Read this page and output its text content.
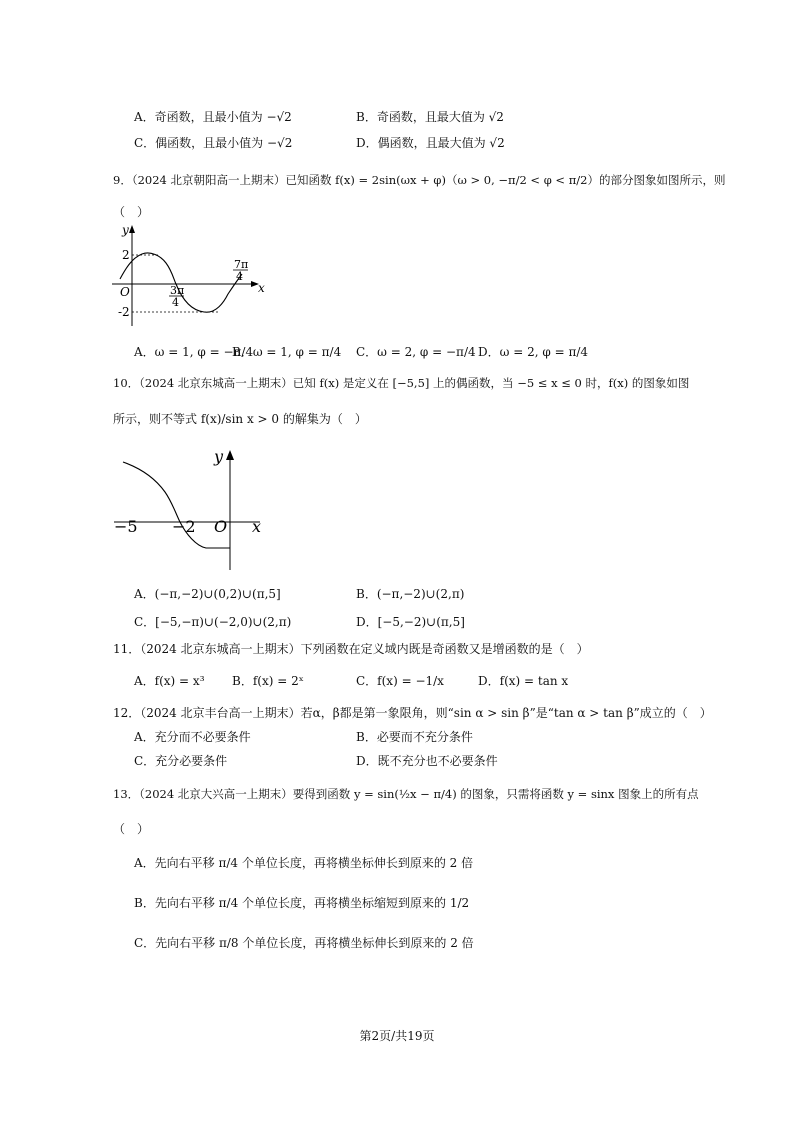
A．奇函数，且最小值为 −√2	B．奇函数，且最大值为 √2
C．偶函数，且最小值为 −√2	D．偶函数，且最大值为 √2
9．（2024 北京朝阳高一上期末）已知函数 f(x) = 2sin(ωx + φ)（ω > 0, −π/2 < φ < π/2）的部分图象如图所示，则
（　）
y
x
O
2
-2
3π
4
7π
4
A．ω = 1, φ = −π/4
B．ω = 1, φ = π/4 C．ω = 2, φ = −π/4 D．ω = 2, φ = π/4
10．（2024 北京东城高一上期末）已知 f(x) 是定义在 [−5,5] 上的偶函数，当 −5 ≤ x ≤ 0 时，f(x) 的图象如图
所示，则不等式 f(x)/sin x > 0 的解集为（　）
y
x
O
−5 −2
A．(−π,−2)∪(0,2)∪(π,5]	B．(−π,−2)∪(2,π)
C．[−5,−π)∪(−2,0)∪(2,π)	D．[−5,−2)∪(π,5]
11．（2024 北京东城高一上期末）下列函数在定义域内既是奇函数又是增函数的是（　）
A．f(x) = x³ B．f(x) = 2ˣ	C．f(x) = −1/x	D．f(x) = tan x
12．（2024 北京丰台高一上期末）若α，β都是第一象限角，则“sin α > sin β”是“tan α > tan β”成立的（　）
A．充分而不必要条件	B．必要而不充分条件
C．充分必要条件	D．既不充分也不必要条件
13．（2024 北京大兴高一上期末）要得到函数 y = sin(½x − π/4) 的图象，只需将函数 y = sinx 图象上的所有点
（　）
A．先向右平移 π/4 个单位长度，再将横坐标伸长到原来的 2 倍
B．先向右平移 π/4 个单位长度，再将横坐标缩短到原来的 1/2
C．先向右平移 π/8 个单位长度，再将横坐标伸长到原来的 2 倍
第2页/共19页
